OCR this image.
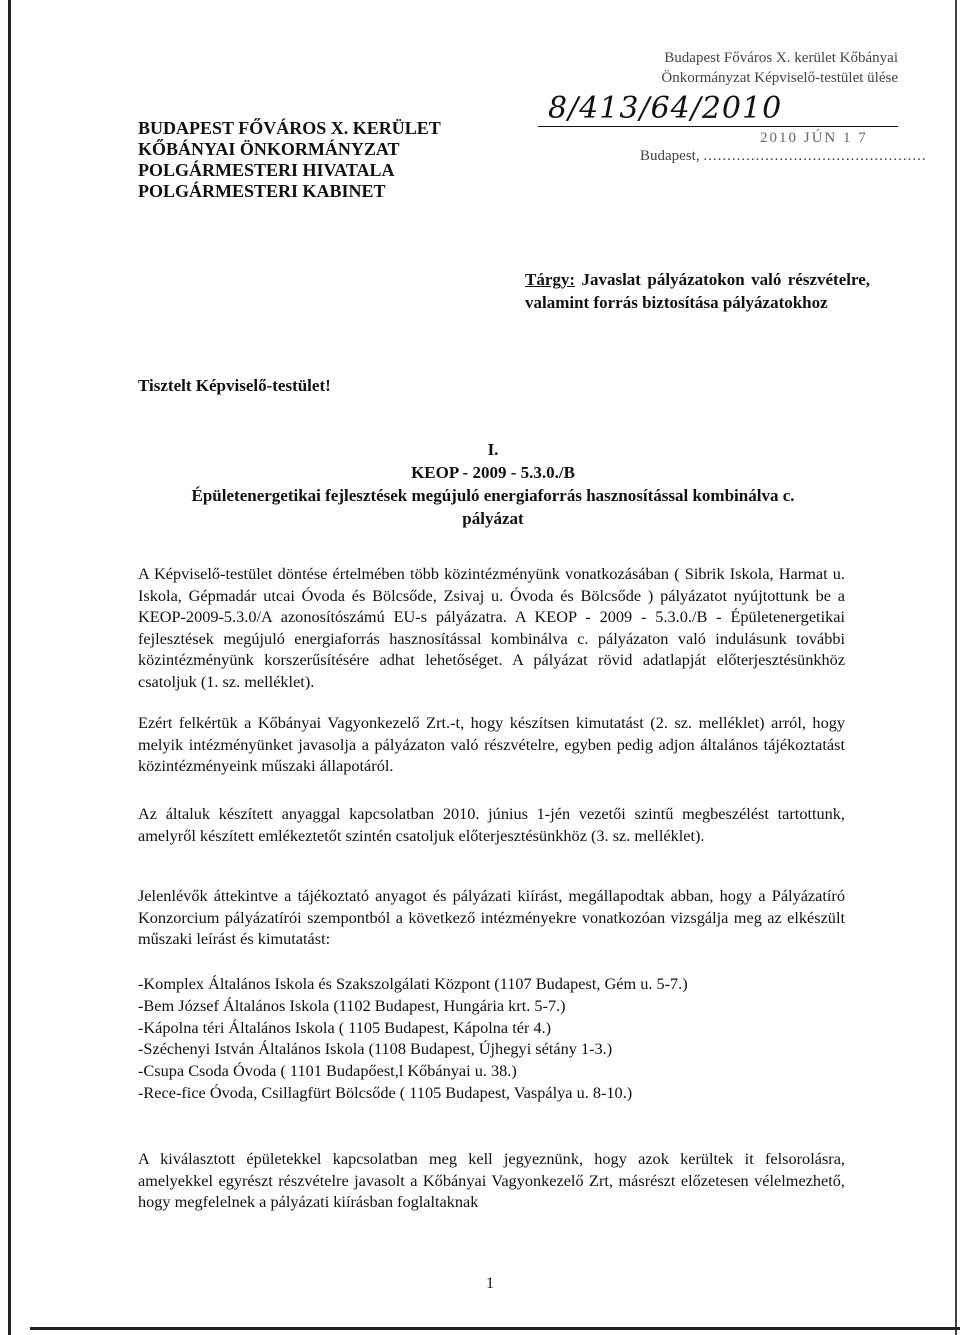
BUDAPEST FŐVÁROS X. KERÜLET
KŐBÁNYAI ÖNKORMÁNYZAT
POLGÁRMESTERI HIVATALA
POLGÁRMESTERI KABINET
Budapest Főváros X. kerület Kőbányai
Önkormányzat Képviselő-testület ülése
8/413/64/2010
2010 JÚN 1 7
Budapest, ...............................................
Tárgy: Javaslat pályázatokon való részvételre, valamint forrás biztosítása pályázatokhoz
Tisztelt Képviselő-testület!
I.
KEOP - 2009 - 5.3.0./B
Épületenergetikai fejlesztések megújuló energiaforrás hasznosítással kombinálva c.
pályázat
A Képviselő-testület döntése értelmében több közintézményünk vonatkozásában ( Sibrik Iskola, Harmat u. Iskola, Gépmadár utcai Óvoda és Bölcsőde, Zsivaj u. Óvoda és Bölcsőde ) pályázatot nyújtottunk be a KEOP-2009-5.3.0/A azonosítószámú EU-s pályázatra. A KEOP - 2009 - 5.3.0./B - Épületenergetikai fejlesztések megújuló energiaforrás hasznosítással kombinálva c. pályázaton való indulásunk további közintézményünk korszerűsítésére adhat lehetőséget. A pályázat rövid adatlapját előterjesztésünkhöz csatoljuk (1. sz. melléklet).
Ezért felkértük a Kőbányai Vagyonkezelő Zrt.-t, hogy készítsen kimutatást (2. sz. melléklet) arról, hogy melyik intézményünket javasolja a pályázaton való részvételre, egyben pedig adjon általános tájékoztatást közintézményeink műszaki állapotáról.
Az általuk készített anyaggal kapcsolatban 2010. június 1-jén vezetői szintű megbeszélést tartottunk, amelyről készített emlékeztetőt szintén csatoljuk előterjesztésünkhöz (3. sz. melléklet).
Jelenlévők áttekintve a tájékoztató anyagot és pályázati kiírást, megállapodtak abban, hogy a Pályázatíró Konzorcium pályázatírói szempontból a következő intézményekre vonatkozóan vizsgálja meg az elkészült műszaki leírást és kimutatást:
-Komplex Általános Iskola és Szakszolgálati Központ (1107 Budapest, Gém u. 5-7.)
-Bem József Általános Iskola (1102 Budapest, Hungária krt. 5-7.)
-Kápolna téri Általános Iskola ( 1105 Budapest, Kápolna tér 4.)
-Széchenyi István Általános Iskola (1108 Budapest, Újhegyi sétány 1-3.)
-Csupa Csoda Óvoda ( 1101 Budapőest,l Kőbányai u. 38.)
-Rece-fice Óvoda, Csillagfürt Bölcsőde ( 1105 Budapest, Vaspálya u. 8-10.)
A kiválasztott épületekkel kapcsolatban meg kell jegyeznünk, hogy azok kerültek it felsorolásra, amelyekkel egyrészt részvételre javasolt a Kőbányai Vagyonkezelő Zrt, másrészt előzetesen vélelmezhető, hogy megfelelnek a pályázati kiírásban foglaltaknak
1
